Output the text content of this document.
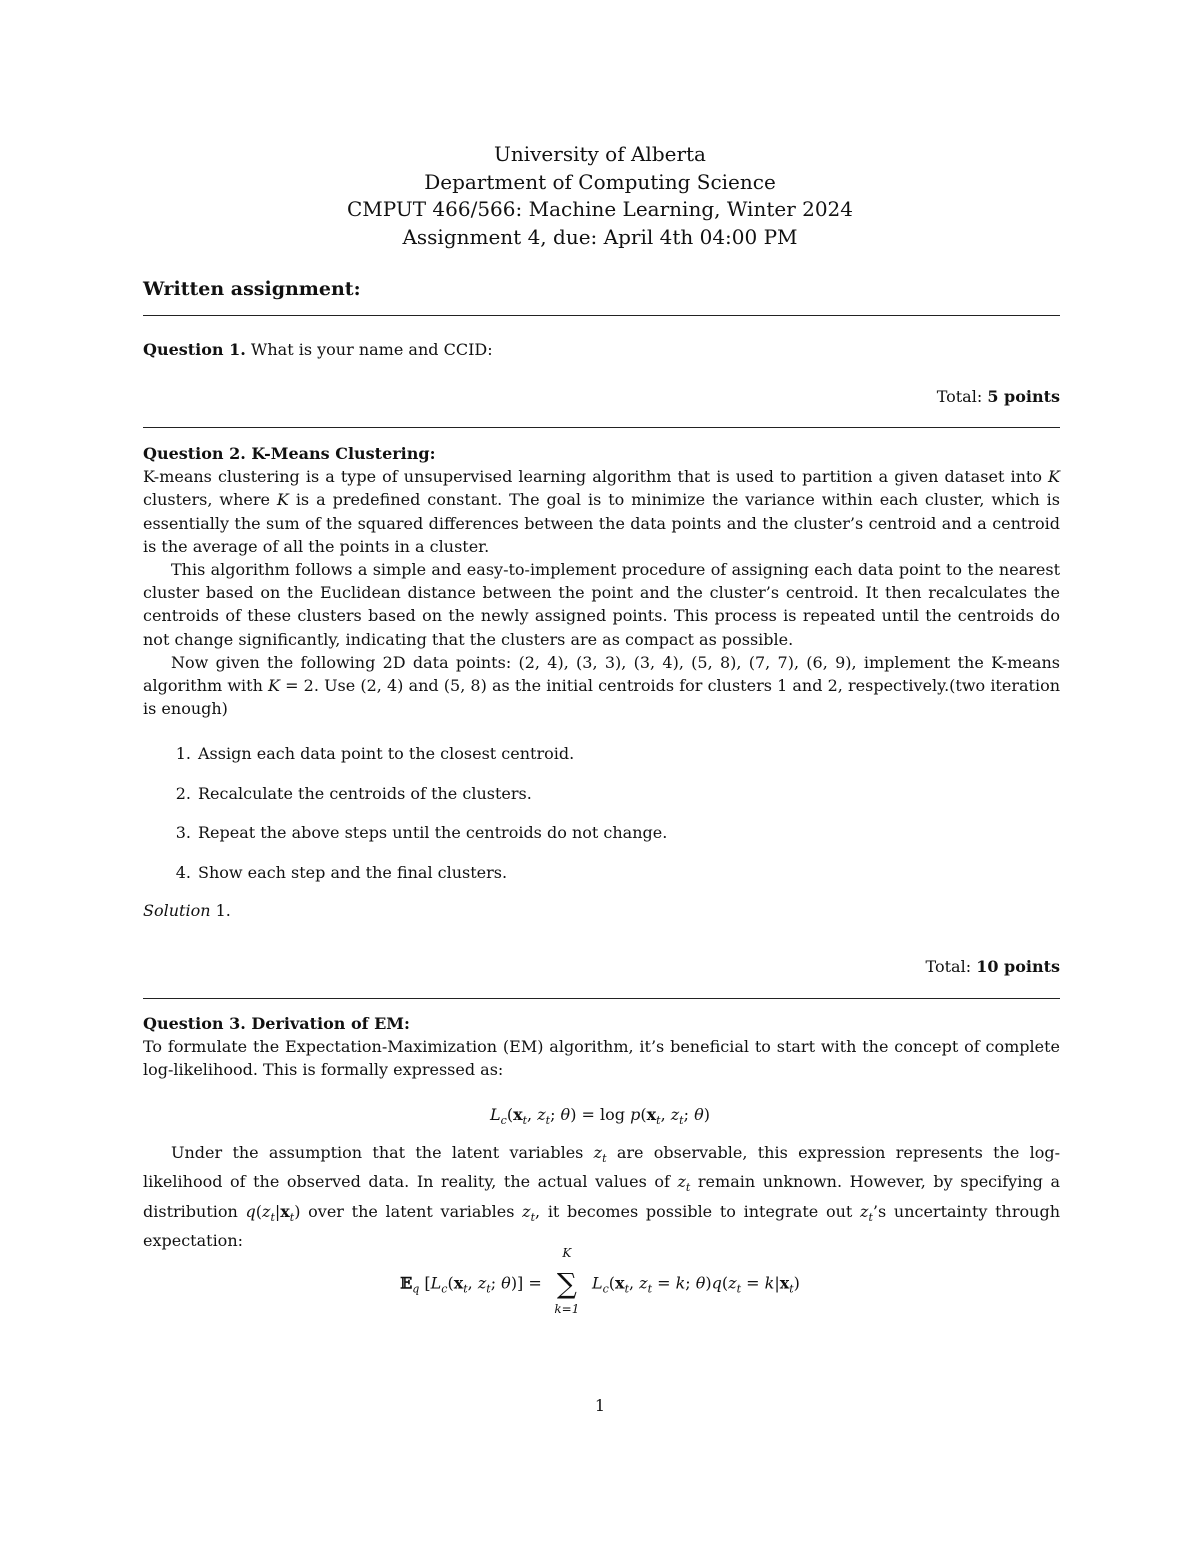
University of Alberta
Department of Computing Science
CMPUT 466/566: Machine Learning, Winter 2024
Assignment 4, due: April 4th 04:00 PM
Written assignment:
Question 1. What is your name and CCID:
Total: 5 points
Question 2. K-Means Clustering:

K-means clustering is a type of unsupervised learning algorithm that is used to partition a given dataset into K clusters, where K is a predefined constant. The goal is to minimize the variance within each cluster, which is essentially the sum of the squared differences between the data points and the cluster’s centroid and a centroid is the average of all the points in a cluster.

This algorithm follows a simple and easy-to-implement procedure of assigning each data point to the nearest cluster based on the Euclidean distance between the point and the cluster’s centroid. It then recalculates the centroids of these clusters based on the newly assigned points. This process is repeated until the centroids do not change significantly, indicating that the clusters are as compact as possible.

Now given the following 2D data points: (2, 4), (3, 3), (3, 4), (5, 8), (7, 7), (6, 9), implement the K-means algorithm with K = 2. Use (2, 4) and (5, 8) as the initial centroids for clusters 1 and 2, respectively.(two iteration is enough)

1. Assign each data point to the closest centroid.
2. Recalculate the centroids of the clusters.
3. Repeat the above steps until the centroids do not change.
4. Show each step and the final clusters.
Solution 1.
Total: 10 points
Question 3. Derivation of EM:

To formulate the Expectation-Maximization (EM) algorithm, it’s beneficial to start with the concept of complete log-likelihood. This is formally expressed as:

$L_c(x_t$, $z_t$; $\theta) = \log p(x_t$, $z_t$; θ)

Under the assumption that the latent variables $z_t$ are observable, this expression represents the log-likelihood of the observed data. In reality, the actual values of $z_t$ remain unknown. However, by specifying a distribution $q(z_t|x_t)$ over the latent variables $z_t$, it becomes possible to integrate out $z_t’s$ uncertainty through expectation:

𝔼$_q$ [$L_c(x_t$, $z_t$; θ)] =
K
∑
k=1
$L_c(x_t$, $z_t = k$; $\theta)q(z_t = k|x_t)$
1
